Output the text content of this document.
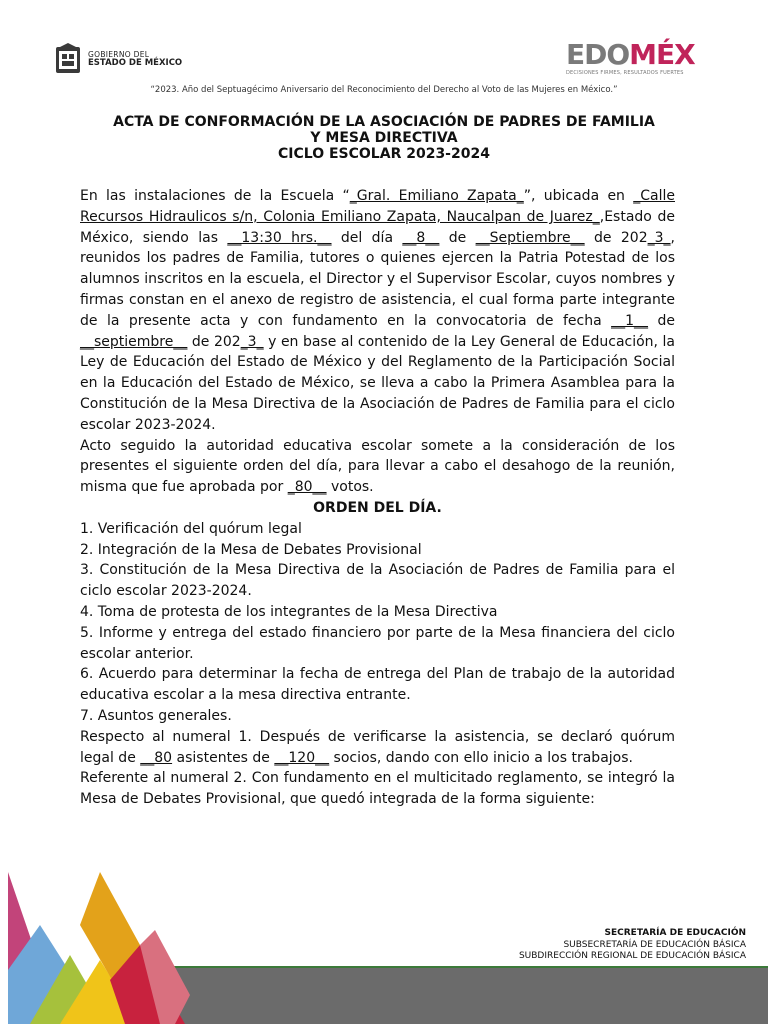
GOBIERNO DEL
ESTADO DE MÉXICO	EDOMÉX
DECISIONES FIRMES, RESULTADOS FUERTES
“2023. Año del Septuagécimo Aniversario del Reconocimiento del Derecho al Voto de las Mujeres en México.”
ACTA DE CONFORMACIÓN DE LA ASOCIACIÓN DE PADRES DE FAMILIA
Y MESA DIRECTIVA
CICLO ESCOLAR 2023-2024

En las instalaciones de la Escuela “_Gral. Emiliano Zapata_”, ubicada en _Calle Recursos Hidraulicos s/n, Colonia Emiliano Zapata, Naucalpan de Juarez_,Estado de México, siendo las __13:30 hrs.__ del día __8__ de __Septiembre__ de 202_3_, reunidos los padres de Familia, tutores o quienes ejercen la Patria Potestad de los alumnos inscritos en la escuela, el Director y el Supervisor Escolar, cuyos nombres y firmas constan en el anexo de registro de asistencia, el cual forma parte integrante de la presente acta y con fundamento en la convocatoria de fecha __1__ de __septiembre__ de 202_3_ y en base al contenido de la Ley General de Educación, la Ley de Educación del Estado de México y del Reglamento de la Participación Social en la Educación del Estado de México, se lleva a cabo la Primera Asamblea para la Constitución de la Mesa Directiva de la Asociación de Padres de Familia para el ciclo escolar 2023-2024.

Acto seguido la autoridad educativa escolar somete a la consideración de los presentes el siguiente orden del día, para llevar a cabo el desahogo de la reunión, misma que fue aprobada por _80__ votos.

ORDEN DEL DÍA.

1. Verificación del quórum legal

2. Integración de la Mesa de Debates Provisional

3. Constitución de la Mesa Directiva de la Asociación de Padres de Familia para el ciclo escolar 2023-2024.

4. Toma de protesta de los integrantes de la Mesa Directiva

5. Informe y entrega del estado financiero por parte de la Mesa financiera del ciclo escolar anterior.

6. Acuerdo para determinar la fecha de entrega del Plan de trabajo de la autoridad educativa escolar a la mesa directiva entrante.

7. Asuntos generales.

Respecto al numeral 1. Después de verificarse la asistencia, se declaró quórum legal de __80 asistentes de __120__ socios, dando con ello inicio a los trabajos.

Referente al numeral 2. Con fundamento en el multicitado reglamento, se integró la Mesa de Debates Provisional, que quedó integrada de la forma siguiente:

SECRETARÍA DE EDUCACIÓN
SUBSECRETARÍA DE EDUCACIÓN BÁSICA
SUBDIRECCIÓN REGIONAL DE EDUCACIÓN BÁSICA
